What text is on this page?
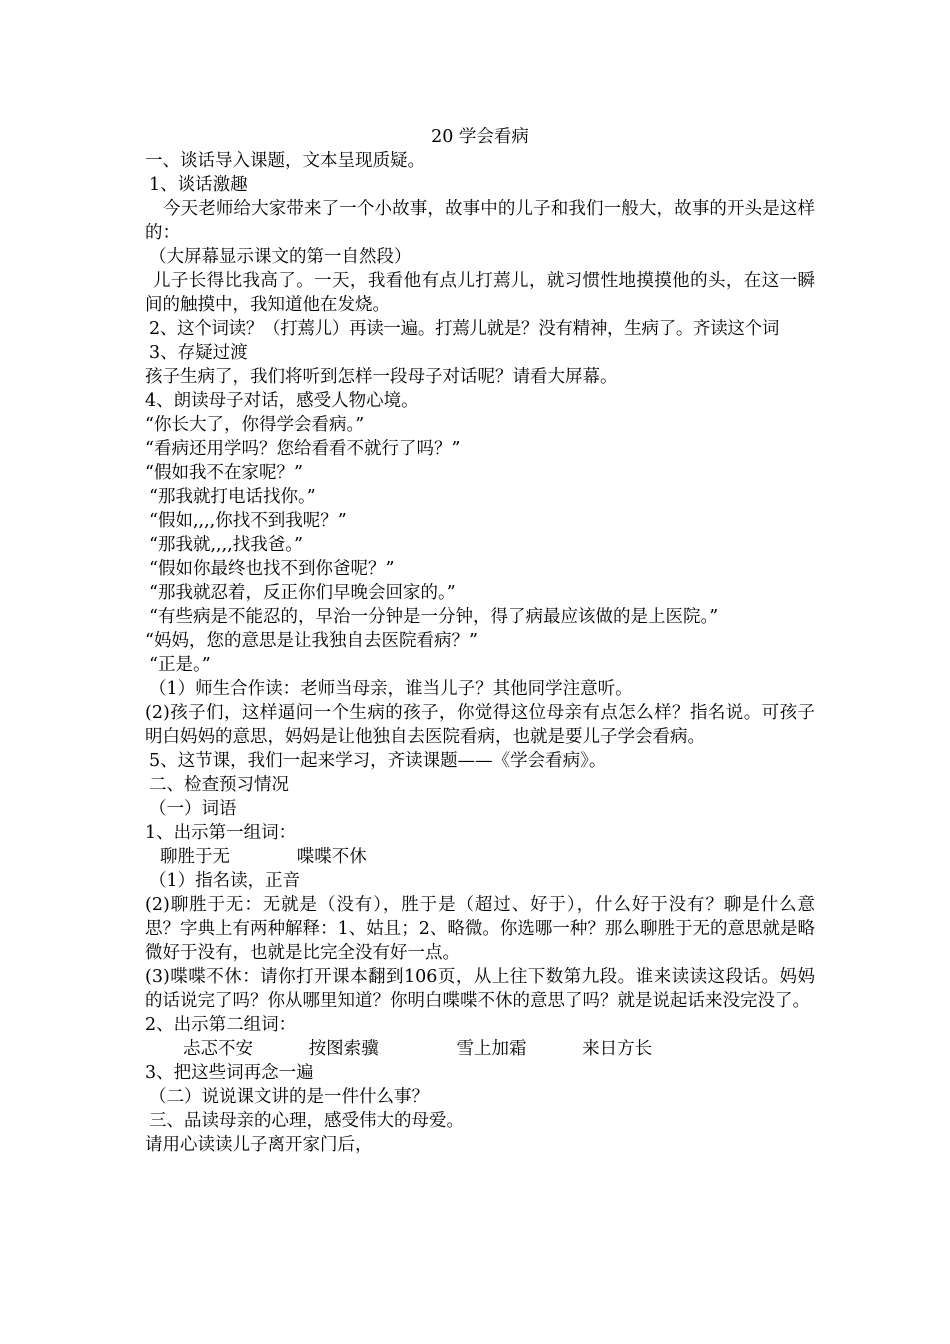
20 学会看病
一、谈话导入课题，文本呈现质疑。
1、谈话激趣
今天老师给大家带来了一个小故事，故事中的儿子和我们一般大，故事的开头是这样的：
（大屏幕显示课文的第一自然段）
儿子长得比我高了。一天，我看他有点儿打蔫儿，就习惯性地摸摸他的头，在这一瞬间的触摸中，我知道他在发烧。
2、这个词读？（打蔫儿）再读一遍。打蔫儿就是？没有精神，生病了。齐读这个词
3、存疑过渡
孩子生病了，我们将听到怎样一段母子对话呢？请看大屏幕。
4、朗读母子对话，感受人物心境。
“你长大了，你得学会看病。”
“看病还用学吗？您给看看不就行了吗？”
“假如我不在家呢？”
“那我就打电话找你。”
“假如,,,,你找不到我呢？”
“那我就,,,,找我爸。”
“假如你最终也找不到你爸呢？”
“那我就忍着，反正你们早晚会回家的。”
“有些病是不能忍的，早治一分钟是一分钟，得了病最应该做的是上医院。”
“妈妈，您的意思是让我独自去医院看病？”
“正是。”
（1）师生合作读：老师当母亲，谁当儿子？其他同学注意听。
(2)孩子们，这样逼问一个生病的孩子，你觉得这位母亲有点怎么样？指名说。可孩子明白妈妈的意思，妈妈是让他独自去医院看病，也就是要儿子学会看病。
5、这节课，我们一起来学习，齐读课题——《学会看病》。
二、检查预习情况
（一）词语
1、出示第一组词：
聊胜于无            喋喋不休
（1）指名读，正音
(2)聊胜于无：无就是（没有），胜于是（超过、好于），什么好于没有？聊是什么意思？字典上有两种解释：1、姑且；2、略微。你选哪一种？那么聊胜于无的意思就是略微好于没有，也就是比完全没有好一点。
(3)喋喋不休：请你打开课本翻到106页，从上往下数第九段。谁来读读这段话。妈妈的话说完了吗？你从哪里知道？你明白喋喋不休的意思了吗？就是说起话来没完没了。
2、出示第二组词：
忐忑不安          按图索骥              雪上加霜          来日方长
3、把这些词再念一遍
（二）说说课文讲的是一件什么事？
三、品读母亲的心理，感受伟大的母爱。
请用心读读儿子离开家门后，
